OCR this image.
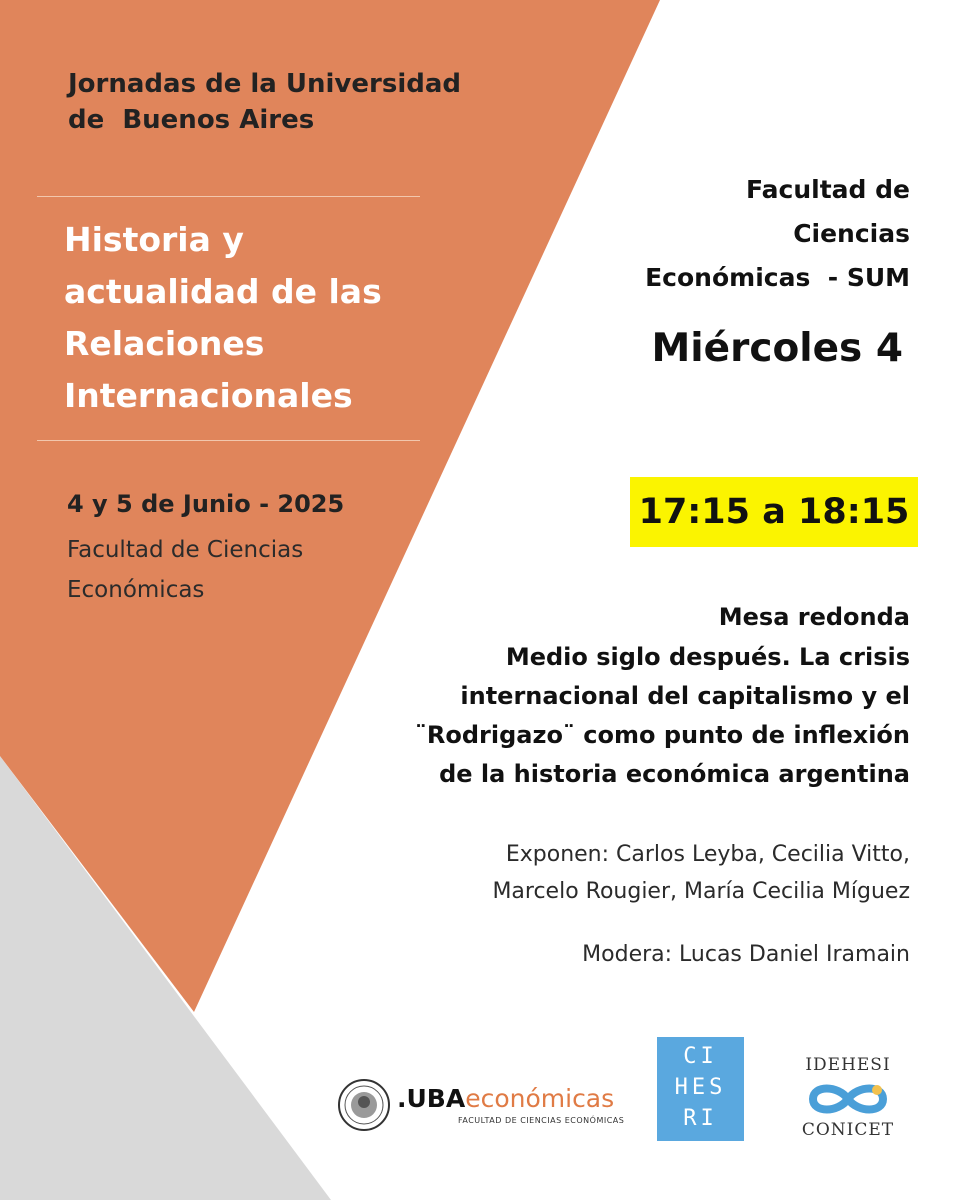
Jornadas de la Universidad
de  Buenos Aires
Historia y
actualidad de las
Relaciones
Internacionales
4 y 5 de Junio - 2025
Facultad de Ciencias
Económicas
Facultad de
Ciencias
Económicas  - SUM
Miércoles 4
17:15 a 18:15
Mesa redonda
Medio siglo después. La crisis
internacional del capitalismo y el
¨Rodrigazo¨ como punto de inflexión
de la historia económica argentina
Exponen: Carlos Leyba, Cecilia Vitto,
Marcelo Rougier, María Cecilia Míguez
Modera: Lucas Daniel Iramain
.UBAeconómicas
FACULTAD DE CIENCIAS ECONÓMICAS
CI
HES
RI
IDEHESI
CONICET
